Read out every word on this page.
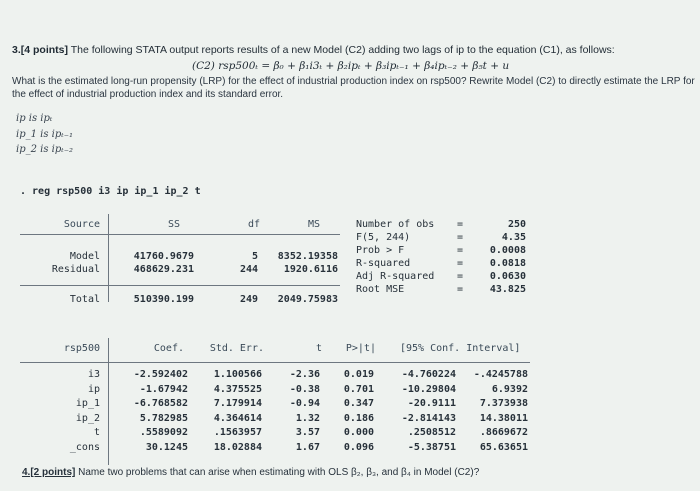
3.[4 points] The following STATA output reports results of a new Model (C2) adding two lags of ip to the equation (C1), as follows:
(C2) rsp500ₜ = β₀ + β₁i3ₜ + β₂ipₜ + β₃ipₜ₋₁ + β₄ipₜ₋₂ + β₅t + u
What is the estimated long-run propensity (LRP) for the effect of industrial production index on rsp500? Rewrite Model (C2) to directly estimate the LRP for the effect of industrial production index and its standard error.
ip is ipₜ
ip_1 is ipₜ₋₁
ip_2 is ipₜ₋₂
. reg rsp500 i3 ip ip_1 ip_2 t
Source	SS	df	MS
Model	41760.9679	5	8352.19358
Residual	468629.231	244	1920.6116
Total	510390.199	249	2049.75983
Number of obs =	250
F(5, 244)	=	4.35
Prob > F	=	0.0008
R-squared	=	0.0818
Adj R-squared =	0.0630
Root MSE	=	43.825
rsp500	Coef.	Std. Err.	t	P>|t| [95% Conf. Interval]
i3	-2.592402	1.100566	-2.36	0.019	-4.760224	-.4245788
ip	-1.67942	4.375525	-0.38	0.701	-10.29804	6.9392
ip_1	-6.768582	7.179914	-0.94	0.347	-20.9111	7.373938
ip_2	5.782985	4.364614	1.32	0.186	-2.814143	14.38011
t	.5589092	.1563957	3.57	0.000	.2508512	.8669672
_cons	30.1245	18.02884	1.67	0.096	-5.38751	65.63651
4.[2 points] Name two problems that can arise when estimating with OLS β₂, β₃, and β₄ in Model (C2)?
